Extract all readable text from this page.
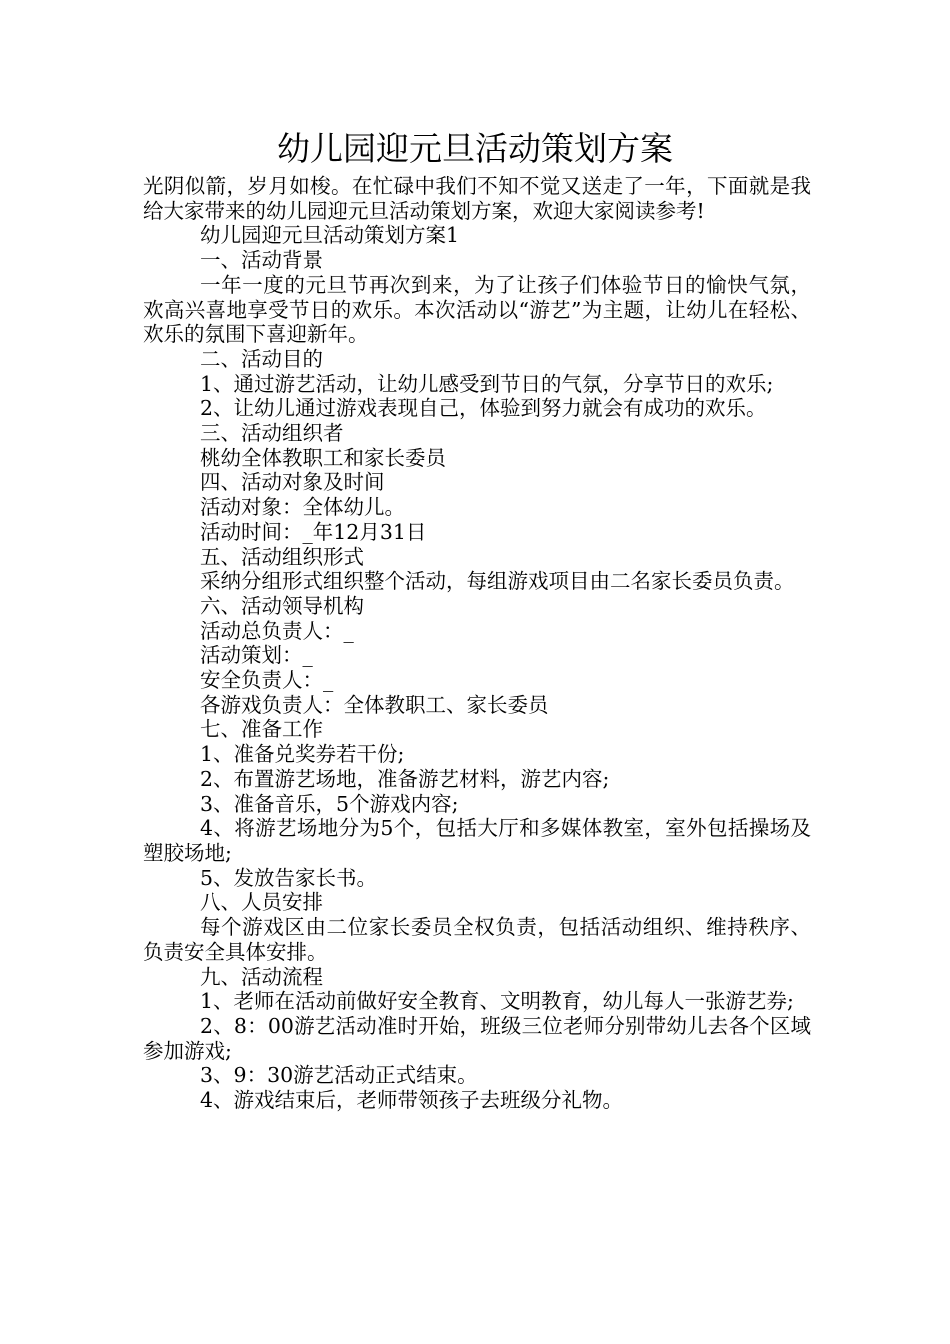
幼儿园迎元旦活动策划方案

光阴似箭，岁月如梭。在忙碌中我们不知不觉又送走了一年，下面就是我给大家带来的幼儿园迎元旦活动策划方案，欢迎大家阅读参考!

幼儿园迎元旦活动策划方案1

一、活动背景

一年一度的元旦节再次到来，为了让孩子们体验节日的愉快气氛，欢高兴喜地享受节日的欢乐。本次活动以“游艺”为主题，让幼儿在轻松、欢乐的氛围下喜迎新年。

二、活动目的

1、通过游艺活动，让幼儿感受到节日的气氛，分享节日的欢乐;

2、让幼儿通过游戏表现自己，体验到努力就会有成功的欢乐。

三、活动组织者

桃幼全体教职工和家长委员

四、活动对象及时间

活动对象：全体幼儿。

活动时间：_年12月31日

五、活动组织形式

采纳分组形式组织整个活动，每组游戏项目由二名家长委员负责。

六、活动领导机构

活动总负责人：_

活动策划：_

安全负责人：_

各游戏负责人：全体教职工、家长委员

七、准备工作

1、准备兑奖券若干份;

2、布置游艺场地，准备游艺材料，游艺内容;

3、准备音乐，5个游戏内容;

4、将游艺场地分为5个，包括大厅和多媒体教室，室外包括操场及塑胶场地;

5、发放告家长书。

八、人员安排

每个游戏区由二位家长委员全权负责，包括活动组织、维持秩序、负责安全具体安排。

九、活动流程

1、老师在活动前做好安全教育、文明教育，幼儿每人一张游艺券;

2、8：00游艺活动准时开始，班级三位老师分别带幼儿去各个区域参加游戏;

3、9：30游艺活动正式结束。

4、游戏结束后，老师带领孩子去班级分礼物。
